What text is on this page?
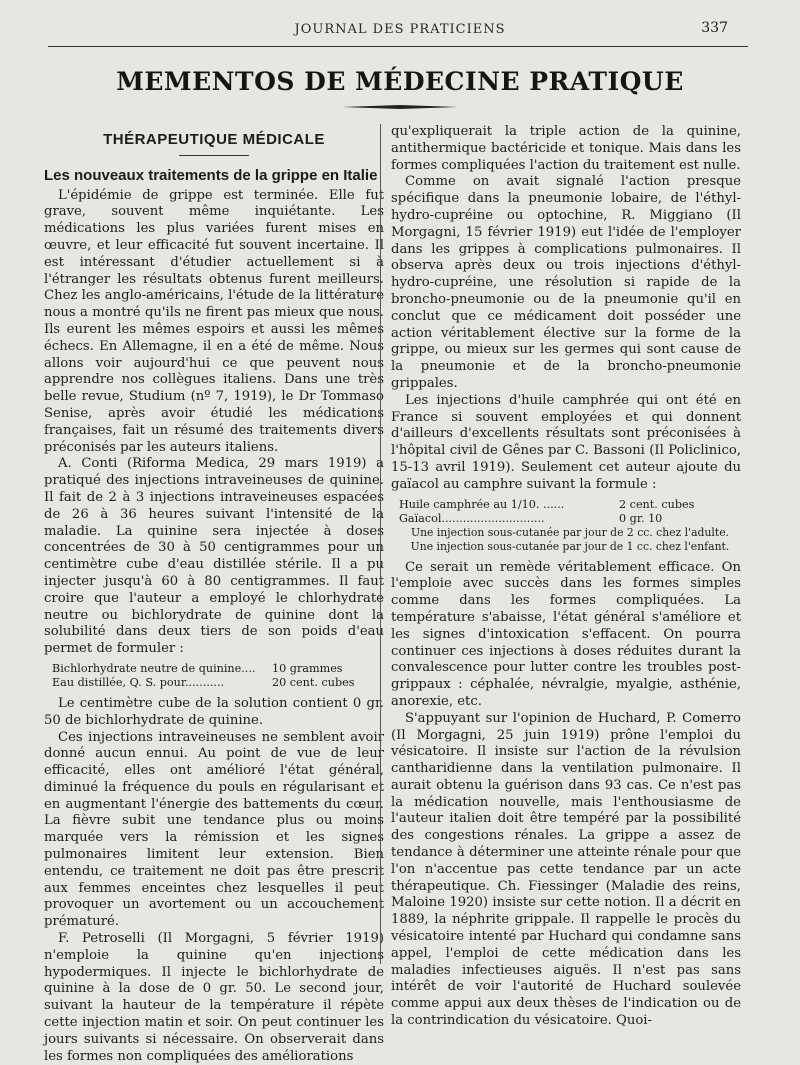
JOURNAL DES PRATICIENS	337
MEMENTOS DE MÉDECINE PRATIQUE
THÉRAPEUTIQUE MÉDICALE
Les nouveaux traitements de la grippe en Italie

L'épidémie de grippe est terminée. Elle fut grave, souvent même inquiétante. Les médications les plus variées furent mises en œuvre, et leur efficacité fut souvent incertaine. Il est intéressant d'étudier actuellement si à l'étranger les résultats obtenus furent meilleurs. Chez les anglo-américains, l'étude de la littérature nous a montré qu'ils ne firent pas mieux que nous. Ils eurent les mêmes espoirs et aussi les mêmes échecs. En Allemagne, il en a été de même. Nous allons voir aujourd'hui ce que peuvent nous apprendre nos collègues italiens. Dans une très belle revue, Studium (nº 7, 1919), le Dr Tommaso Senise, après avoir étudié les médications françaises, fait un résumé des traitements divers préconisés par les auteurs italiens.

A. Conti (Riforma Medica, 29 mars 1919) a pratiqué des injections intraveineuses de quinine. Il fait de 2 à 3 injections intraveineuses espacées de 26 à 36 heures suivant l'intensité de la maladie. La quinine sera injectée à doses concentrées de 30 à 50 centigrammes pour un centimètre cube d'eau distillée stérile. Il a pu injecter jusqu'à 60 à 80 centigrammes. Il faut croire que l'auteur a employé le chlorhydrate neutre ou bichlorydrate de quinine dont la solubilité dans deux tiers de son poids d'eau permet de formuler :

Bichlorhydrate neutre de quinine....	10 grammes
Eau distillée, Q. S. pour...........	20 cent. cubes

Le centimètre cube de la solution contient 0 gr. 50 de bichlorhydrate de quinine.

Ces injections intraveineuses ne semblent avoir donné aucun ennui. Au point de vue de leur efficacité, elles ont amélioré l'état général, diminué la fréquence du pouls en régularisant et en augmentant l'énergie des battements du cœur. La fièvre subit une tendance plus ou moins marquée vers la rémission et les signes pulmonaires limitent leur extension. Bien entendu, ce traitement ne doit pas être prescrit aux femmes enceintes chez lesquelles il peut provoquer un avortement ou un accouchement prématuré.

F. Petroselli (Il Morgagni, 5 février 1919) n'emploie la quinine qu'en injections hypodermiques. Il injecte le bichlorhydrate de quinine à la dose de 0 gr. 50. Le second jour, suivant la hauteur de la température il répète cette injection matin et soir. On peut continuer les jours suivants si nécessaire. On observerait dans les formes non compliquées des améliorations

qu'expliquerait la triple action de la quinine, antithermique bactéricide et tonique. Mais dans les formes compliquées l'action du traitement est nulle.

Comme on avait signalé l'action presque spécifique dans la pneumonie lobaire, de l'éthyl-hydro-cupréine ou optochine, R. Miggiano (Il Morgagni, 15 février 1919) eut l'idée de l'employer dans les grippes à complications pulmonaires. Il observa après deux ou trois injections d'éthyl-hydro-cupréine, une résolution si rapide de la broncho-pneumonie ou de la pneumonie qu'il en conclut que ce médicament doit posséder une action véritablement élective sur la forme de la grippe, ou mieux sur les germes qui sont cause de la pneumonie et de la broncho-pneumonie grippales.

Les injections d'huile camphrée qui ont été en France si souvent employées et qui donnent d'ailleurs d'excellents résultats sont préconisées à l'hôpital civil de Gênes par C. Bassoni (Il Policlinico, 15-13 avril 1919). Seulement cet auteur ajoute du gaïacol au camphre suivant la formule :

Huile camphrée au 1/10. ......	2 cent. cubes
Gaïacol.............................	0 gr. 10
Une injection sous-cutanée par jour de 2 cc. chez l'adulte.
Une injection sous-cutanée par jour de 1 cc. chez l'enfant.

Ce serait un remède véritablement efficace. On l'emploie avec succès dans les formes simples comme dans les formes compliquées. La température s'abaisse, l'état général s'améliore et les signes d'intoxication s'effacent. On pourra continuer ces injections à doses réduites durant la convalescence pour lutter contre les troubles post-grippaux : céphalée, névralgie, myalgie, asthénie, anorexie, etc.

S'appuyant sur l'opinion de Huchard, P. Comerro (Il Morgagni, 25 juin 1919) prône l'emploi du vésicatoire. Il insiste sur l'action de la révulsion cantharidienne dans la ventilation pulmonaire. Il aurait obtenu la guérison dans 93 cas. Ce n'est pas la médication nouvelle, mais l'enthousiasme de l'auteur italien doit être tempéré par la possibilité des congestions rénales. La grippe a assez de tendance à déterminer une atteinte rénale pour que l'on n'accentue pas cette tendance par un acte thérapeutique. Ch. Fiessinger (Maladie des reins, Maloine 1920) insiste sur cette notion. Il a décrit en 1889, la néphrite grippale. Il rappelle le procès du vésicatoire intenté par Huchard qui condamne sans appel, l'emploi de cette médication dans les maladies infectieuses aiguës. Il n'est pas sans intérêt de voir l'autorité de Huchard soulevée comme appui aux deux thèses de l'indication ou de la contrindication du vésicatoire. Quoi-
